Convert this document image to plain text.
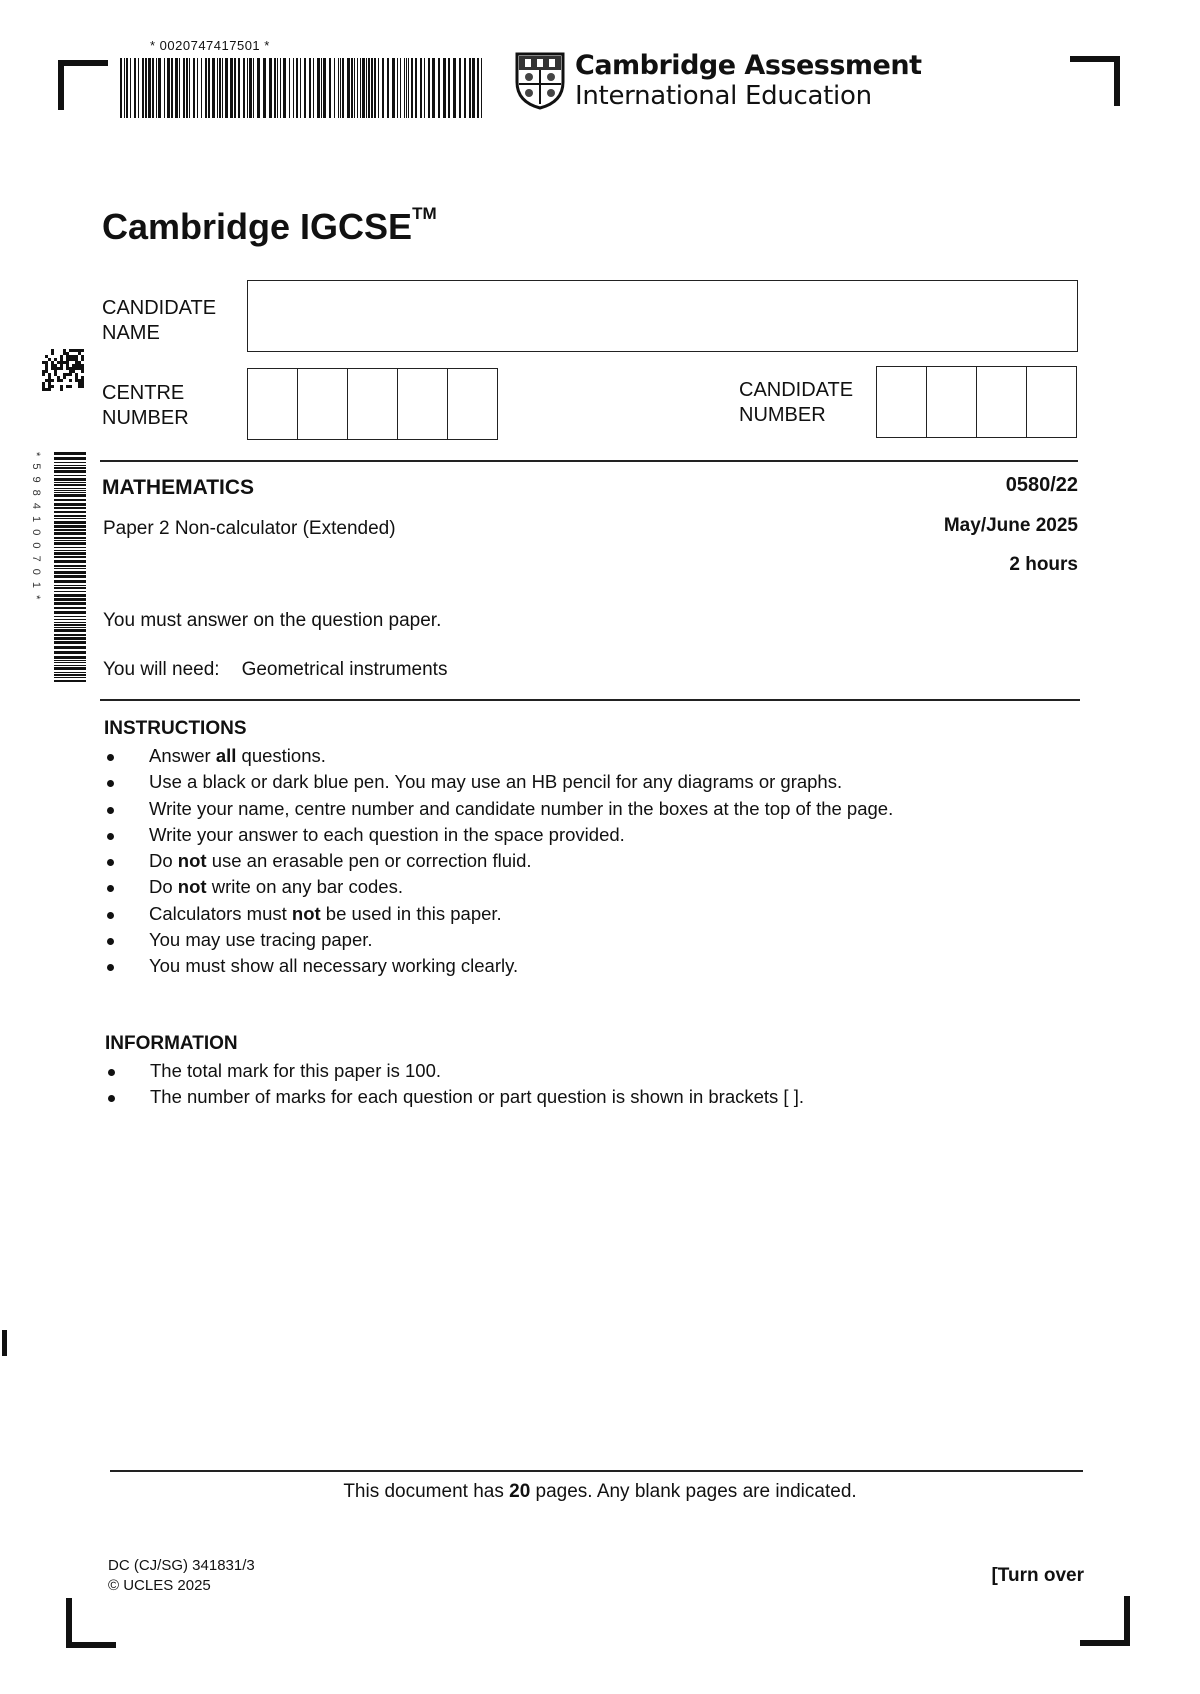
* 0020747417501 *
Cambridge Assessment
International Education
Cambridge IGCSE™
CANDIDATE
NAME
CENTRE
NUMBER
CANDIDATE
NUMBER
MATHEMATICS	0580/22
Paper 2 Non-calculator (Extended)	May/June 2025
2 hours
You must answer on the question paper.
You will need: Geometrical instruments
INSTRUCTIONS
Answer all questions.
Use a black or dark blue pen. You may use an HB pencil for any diagrams or graphs.
Write your name, centre number and candidate number in the boxes at the top of the page.
Write your answer to each question in the space provided.
Do not use an erasable pen or correction fluid.
Do not write on any bar codes.
Calculators must not be used in this paper.
You may use tracing paper.
You must show all necessary working clearly.
INFORMATION
The total mark for this paper is 100.
The number of marks for each question or part question is shown in brackets [ ].
This document has 20 pages. Any blank pages are indicated.
DC (CJ/SG) 341831/3
© UCLES 2025	[Turn over
* 5 9 8 4 1 0 0 7 0 1 *
